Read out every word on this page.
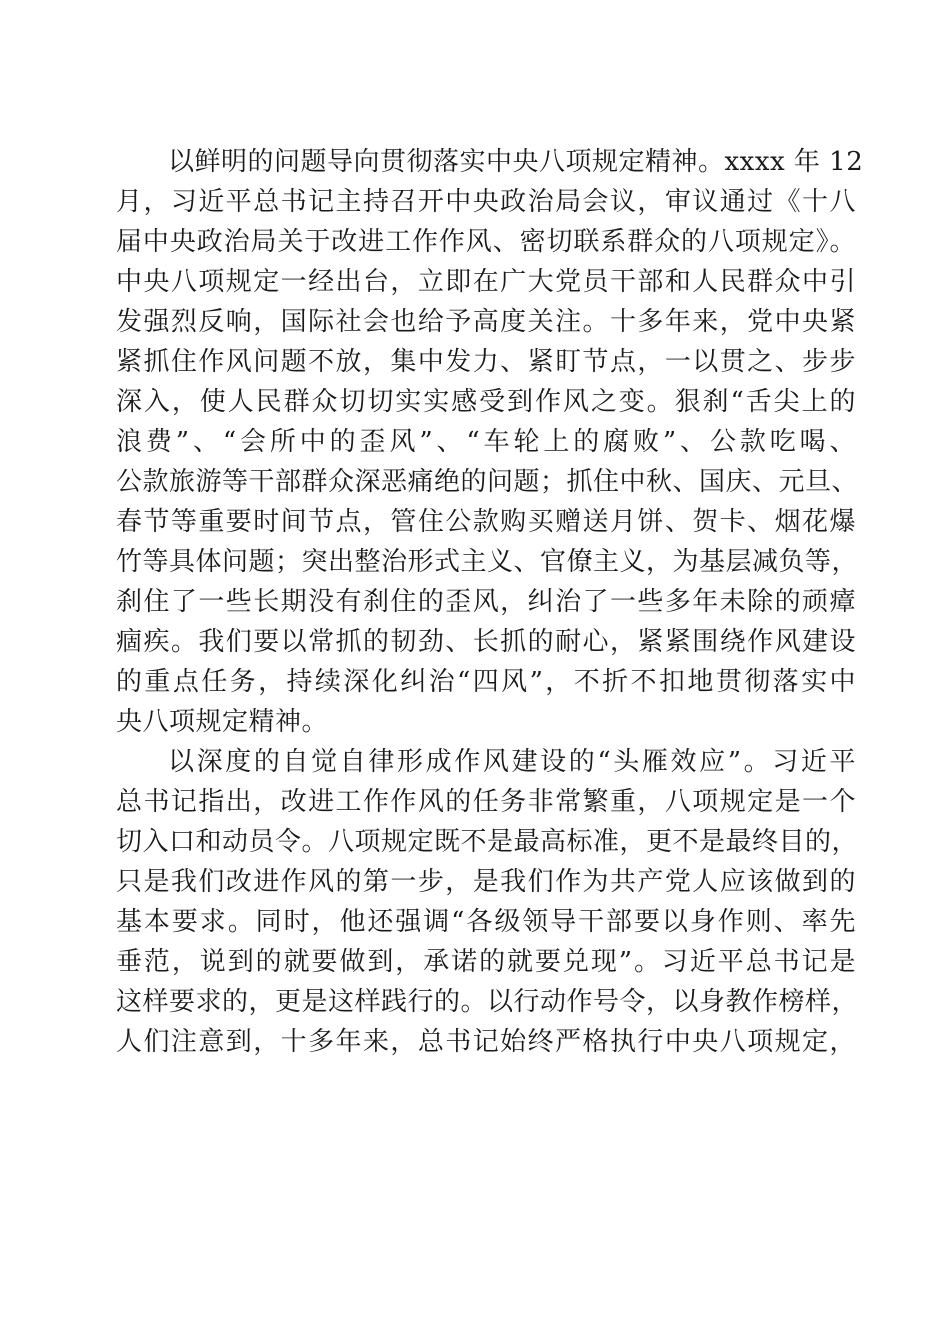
以鲜明的问题导向贯彻落实中央八项规定精神。xxxx 年 12
月，习近平总书记主持召开中央政治局会议，审议通过《十八
届中央政治局关于改进工作作风、密切联系群众的八项规定》。
中央八项规定一经出台，立即在广大党员干部和人民群众中引
发强烈反响，国际社会也给予高度关注。十多年来，党中央紧
紧抓住作风问题不放，集中发力、紧盯节点，一以贯之、步步
深入，使人民群众切切实实感受到作风之变。狠刹“舌尖上的
浪费”、“会所中的歪风”、“车轮上的腐败”、公款吃喝、
公款旅游等干部群众深恶痛绝的问题；抓住中秋、国庆、元旦、
春节等重要时间节点，管住公款购买赠送月饼、贺卡、烟花爆
竹等具体问题；突出整治形式主义、官僚主义，为基层减负等，
刹住了一些长期没有刹住的歪风，纠治了一些多年未除的顽瘴
痼疾。我们要以常抓的韧劲、长抓的耐心，紧紧围绕作风建设
的重点任务，持续深化纠治“四风”，不折不扣地贯彻落实中
央八项规定精神。
以深度的自觉自律形成作风建设的“头雁效应”。习近平
总书记指出，改进工作作风的任务非常繁重，八项规定是一个
切入口和动员令。八项规定既不是最高标准，更不是最终目的，
只是我们改进作风的第一步，是我们作为共产党人应该做到的
基本要求。同时，他还强调“各级领导干部要以身作则、率先
垂范，说到的就要做到，承诺的就要兑现”。习近平总书记是
这样要求的，更是这样践行的。以行动作号令，以身教作榜样，
人们注意到，十多年来，总书记始终严格执行中央八项规定，
